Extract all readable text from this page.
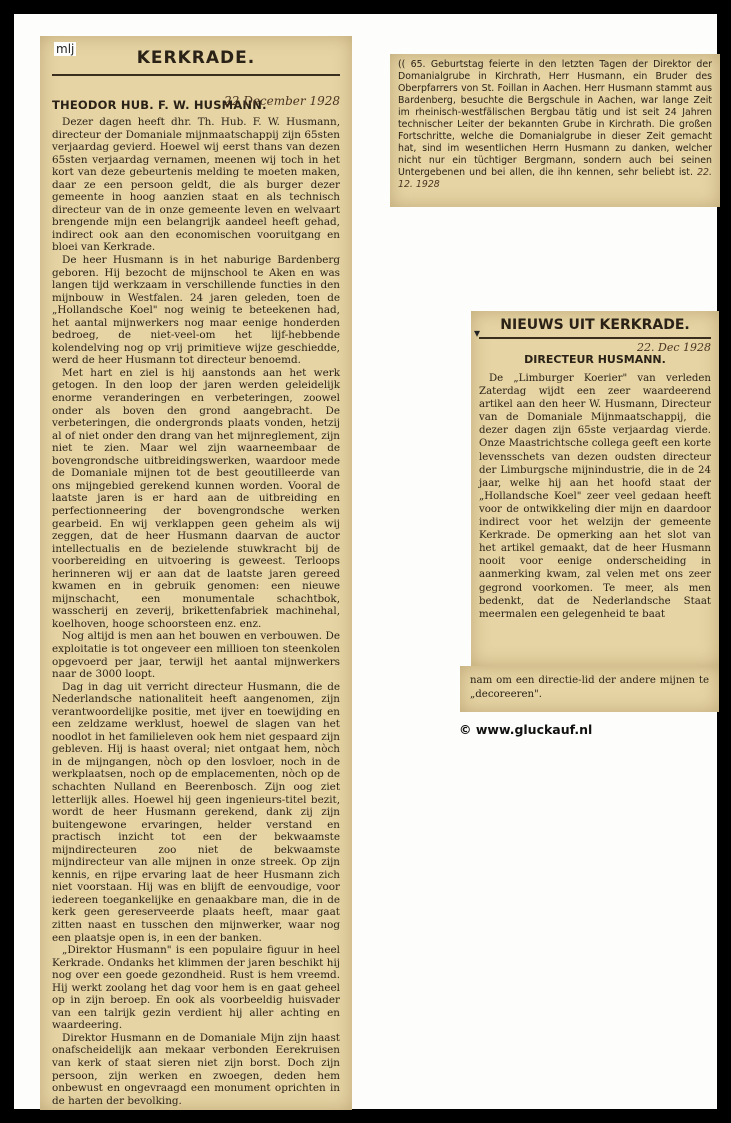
mlj	KERKRADE.
22 December 1928
THEODOR HUB. F. W. HUSMANN.

Dezer dagen heeft dhr. Th. Hub. F. W. Husmann, directeur der Domaniale mijnmaatschappij zijn 65sten verjaardag gevierd. Hoewel wij eerst thans van dezen 65sten verjaardag vernamen, meenen wij toch in het kort van deze gebeurtenis melding te moeten maken, daar ze een persoon geldt, die als burger dezer gemeente in hoog aanzien staat en als technisch directeur van de in onze gemeente leven en welvaart brengende mijn een belangrijk aandeel heeft gehad, indirect ook aan den economischen vooruitgang en bloei van Kerkrade.

De heer Husmann is in het naburige Bardenberg geboren. Hij bezocht de mijnschool te Aken en was langen tijd werkzaam in verschillende functies in den mijnbouw in Westfalen. 24 jaren geleden, toen de „Hollandsche Koel" nog weinig te beteekenen had, het aantal mijnwerkers nog maar eenige honderden bedroeg, de niet-veel-om het lijf-hebbende kolendelving nog op vrij primitieve wijze geschiedde, werd de heer Husmann tot directeur benoemd.

Met hart en ziel is hij aanstonds aan het werk getogen. In den loop der jaren werden geleidelijk enorme veranderingen en verbeteringen, zoowel onder als boven den grond aangebracht. De verbeteringen, die ondergronds plaats vonden, hetzij al of niet onder den drang van het mijnreglement, zijn niet te zien. Maar wel zijn waarneembaar de bovengrondsche uitbreidingswerken, waardoor mede de Domaniale mijnen tot de best geoutilleerde van ons mijngebied gerekend kunnen worden. Vooral de laatste jaren is er hard aan de uitbreiding en perfectionneering der bovengrondsche werken gearbeid. En wij verklappen geen geheim als wij zeggen, dat de heer Husmann daarvan de auctor intellectualis en de bezielende stuwkracht bij de voorbereiding en uitvoering is geweest. Terloops herinneren wij er aan dat de laatste jaren gereed kwamen en in gebruik genomen: een nieuwe mijnschacht, een monumentale schachtbok, wasscherij en zeverij, brikettenfabriek machinehal, koelhoven, hooge schoorsteen enz. enz.

Nog altijd is men aan het bouwen en verbouwen. De exploitatie is tot ongeveer een millioen ton steenkolen opgevoerd per jaar, terwijl het aantal mijnwerkers naar de 3000 loopt.

Dag in dag uit verricht directeur Husmann, die de Nederlandsche nationaliteit heeft aangenomen, zijn verantwoordelijke positie, met ijver en toewijding en een zeldzame werklust, hoewel de slagen van het noodlot in het familieleven ook hem niet gespaard zijn gebleven. Hij is haast overal; niet ontgaat hem, nòch in de mijngangen, nòch op den losvloer, noch in de werkplaatsen, noch op de emplacementen, nòch op de schachten Nulland en Beerenbosch. Zijn oog ziet letterlijk alles. Hoewel hij geen ingenieurs-titel bezit, wordt de heer Husmann gerekend, dank zij zijn buitengewone ervaringen, helder verstand en practisch inzicht tot een der bekwaamste mijndirecteuren zoo niet de bekwaamste mijndirecteur van alle mijnen in onze streek. Op zijn kennis, en rijpe ervaring laat de heer Husmann zich niet voorstaan. Hij was en blijft de eenvoudige, voor iedereen toegankelijke en genaakbare man, die in de kerk geen gereserveerde plaats heeft, maar gaat zitten naast en tusschen den mijnwerker, waar nog een plaatsje open is, in een der banken.

„Direktor Husmann" is een populaire figuur in heel Kerkrade. Ondanks het klimmen der jaren beschikt hij nog over een goede gezondheid. Rust is hem vreemd. Hij werkt zoolang het dag voor hem is en gaat geheel op in zijn beroep. En ook als voorbeeldig huisvader van een talrijk gezin verdient hij aller achting en waardeering.

Direktor Husmann en de Domaniale Mijn zijn haast onafscheidelijk aan mekaar verbonden Eerekruisen van kerk of staat sieren niet zijn borst. Doch zijn persoon, zijn werken en zwoegen, deden hem onbewust en ongevraagd een monument oprichten in de harten der bevolking.

(( 65. Geburtstag feierte in den letzten Tagen der Direktor der Domanialgrube in Kirchrath, Herr Husmann, ein Bruder des Oberpfarrers von St. Foillan in Aachen. Herr Husmann stammt aus Bardenberg, besuchte die Bergschule in Aachen, war lange Zeit im rheinisch-westfälischen Bergbau tätig und ist seit 24 Jahren technischer Leiter der bekannten Grube in Kirchrath. Die großen Fortschritte, welche die Domanialgrube in dieser Zeit gemacht hat, sind im wesentlichen Herrn Husmann zu danken, welcher nicht nur ein tüchtiger Bergmann, sondern auch bei seinen Untergebenen und bei allen, die ihn kennen, sehr beliebt ist. 22. 12. 1928
NIEUWS UIT KERKRADE.
22. Dec 1928
DIRECTEUR HUSMANN.

De „Limburger Koerier" van verleden Zaterdag wijdt een zeer waardeerend artikel aan den heer W. Husmann, Directeur van de Domaniale Mijnmaatschappij, die dezer dagen zijn 65ste verjaardag vierde. Onze Maastrichtsche collega geeft een korte levensschets van dezen oudsten directeur der Limburgsche mijnindustrie, die in de 24 jaar, welke hij aan het hoofd staat der „Hollandsche Koel" zeer veel gedaan heeft voor de ontwikkeling dier mijn en daardoor indirect voor het welzijn der gemeente Kerkrade. De opmerking aan het slot van het artikel gemaakt, dat de heer Husmann nooit voor eenige onderscheiding in aanmerking kwam, zal velen met ons zeer gegrond voorkomen. Te meer, als men bedenkt, dat de Nederlandsche Staat meermalen een gelegenheid te baat

▾
nam om een directie-lid der andere mijnen te „decoreeren".
© www.gluckauf.nl
